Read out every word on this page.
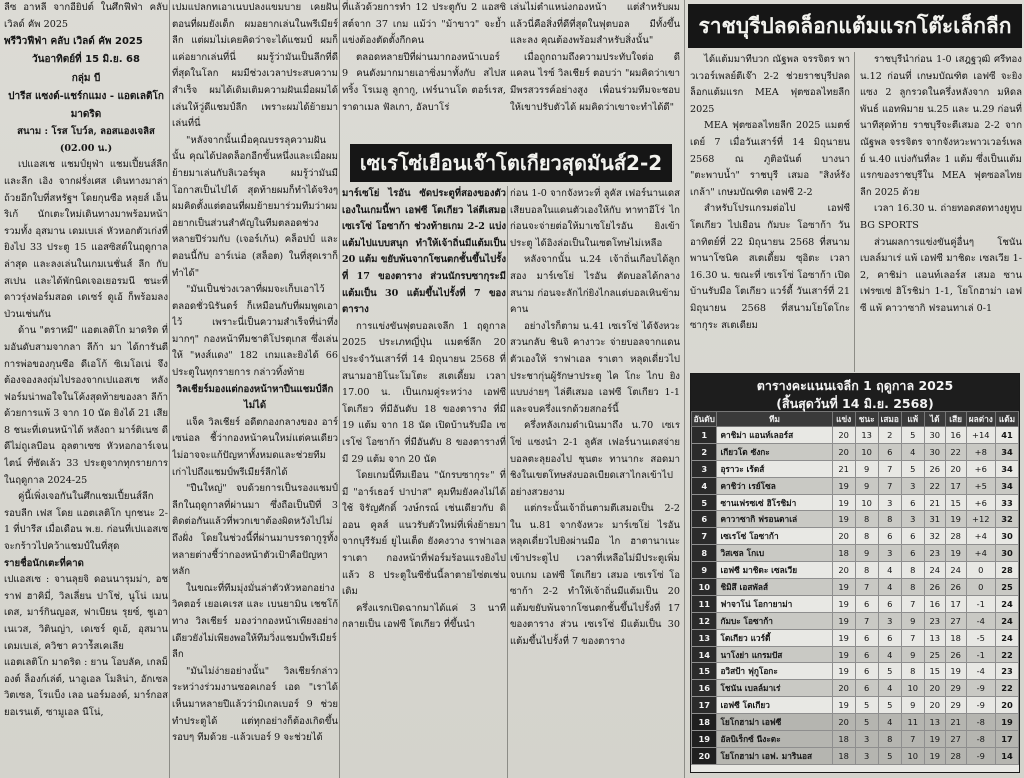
ลีซ อาหลี จากอียิปต์ ในศึกฟีฟ่า คลับเวิลด์ คัพ 2025

พรีวิวฟีฟ่า คลับ เวิลด์ คัพ 2025

วันอาทิตย์ที่ 15 มิ.ย. 68

กลุ่ม บี

ปารีส แซงต์-แชร์กแมง - แอตเลติโก มาดริด

สนาม : โรส โบว์ล, ลอสแองเจลิส (02.00 น.)

เปแอสเช แชมป์ยุฟ่า แชมเปี้ยนส์ลีก และลีก เอิง จากฝรั่งเศส เดินทางมาล่าถ้วยอีกใบที่สหรัฐฯ โดยกุนซือ หลุยส์ เอ็นริเก้ นักเตะใหม่เดินทางมาพร้อมหน้า รวมทั้ง อุสมาน เดมเบเล่ หัวหอกตัวเก่งที่ยิงไป 33 ประตู 15 แอสซิสต์ในฤดูกาลล่าสุด และลงเล่นในเกมเนชั่นส์ ลีก กับสเปน และได้พักนิดเจอเยอรมนี ชนะที่ดาวรุ่งฟอร์มสอด เดเซร์ ดูเอ้ ก็พร้อมลงป่วนเช่นกัน

ด้าน "ตราหมี" แอตเลติโก มาดริด ที่มอันดับสามจากลา ลีก้า มา ได้การันตีการพ่อของกุนซือ ดีเอโก้ ซิเมโอเน่ จึงต้องจองลงถุ่มไปรองจากเปแอสเช หลังฟอร์มน่าพอใจในโค้งสุดท้ายของลา ลีก้า ด้วยการแพ้ 3 จาก 10 นัด ยิงได้ 21 เสีย 8 ชนะที่เดนหน้าได้ หลังถา มาร์ติเนซ ดีดีไม่ถูเลบีอน อุลตาเซซ หัวหอกอาร์เจนไตน์ ที่ซัดเล้ว 33 ประตูจากทุกรายการในฤดูกาล 2024-25

คู่นี้เพิ่งเจอกันในศึกแชมเปี้ยนส์ลีก รอบลีก เฟส โดย แอตเลติโก บุกชนะ 2-1 ที่ปารีส เมื่อเดือน พ.ย. ก่อนที่เปแอสเซจะกร้าวไปคว้าแชมป์ในที่สุด

รายชื่อนักเตะที่คาด

เปแอสเซ : จานลุยจิ ดอนนารุมม่า, อชราฟ ฮาคิมี่, วิลเลี่ยน ปาโช่, นูโน่ เมนเดส, มาร์กินญอส, ฟาเบียน รุยซ์, ชูเอา เนเวส, วิตินญ่า, เดเซร์ ดูเอ้, อุสมาน เดมเบเล่, ควิชา ควาร์ัสเคเลีย

แอตเลติโก มาดริด : ยาน โอบลัค, เกลม็องต์ ล็องก์เล่ต์, นาอูเอล โมลิน่า, อักเซล วิตเซล, โรแบ็ง เลอ นอร์มองด์, มาร์กอส ยอเรนเต้, ซามูเอล นีโน่,

เปมแปลกทเอาเนบปลงแขมบาย เคยฝันตอนที่ผมยังเด็ก ผมอยากเล่นในพรีเมียร์ลีก แต่ผมไม่เคยคิดว่าจะได้แชมป์ ผมก็แค่อยากเล่นที่นี่ ผมรู้ว่ามันเป็นลีกที่ดีที่สุดในโลก ผมมีช่วงเวลาประสบความสำเร็จ ผมได้เดิมเติมความฝันเมื่อผมได้เล่นให้วู่ดีแชมป์ลีก เพราะผมได้ย้ายมาเล่นที่นี่

"หลังจากนั้นเมื่อคุณบรรลุความฝันนั้น คุณได้ปลดล็อกอีกขั้นหนึ่งและเมื่อผมย้ายมาเล่นกับลิเวอร์พูล ผมรู้ว่ามันมีโอกาสเป็นไปได้ สุดท้ายผมก็ทำได้จริงๆ ผมคิดตั้งแต่ตอนที่ผมย้ายมาร่วมทีมว่าผมอยากเป็นส่วนสำคัญในทีมตลอดช่วงหลายปีร่วมกับ (เจอร์เก้น) คล็อปป์ และตอนนี้กับ อาร์เน่อ (สล็อต) ในที่สุดเราก็ทำได้"

"มันเป็นช่วงเวลาที่ผมจะเก็บเอาไว้ตลอดชั่วนิรันดร์ ก็เหมือนกับที่ผมพูดเอาไว้ เพราะนี่เป็นความสำเร็จที่น่าทึ่ง มากๆ" กองหน้าทีมชาติโปรตุเกส ซึ่งเล่นให้ "หงส์แดง" 182 เกมและยิงได้ 66 ประตูในทุกรายการ กล่าวทิ้งท้าย

วิลเชียร์มองแต่กองหน้าหาปืนแชมป์ลีกไม่ได้

แจ็ค วิลเชียร์ อดีตกองกลางของ อาร์เซน่อล ชี้ว่ากองหน้าคนใหม่แต่คนเดียวไม่อาจจะแก้ปัญหาทั้งหมดและช่วยทีมเก่าไปถึงแชมป์พรีเมียร์ลีกได้

"ปืนใหญ่" จบด้วยการเป็นรองแชมป์ลีกในฤดูกาลที่ผ่านมา ซึ่งถือเป็นปีที่ 3 ติดต่อกันแล้วที่พวกเขาต้องผิดหวังไปไม่ถึงฝั่ง โดยในช่วงนี้ที่ผ่านมาบรรดากูรูทั้งหลายต่างชี้ว่ากองหน้าตัวเป้าคือปัญหาหลัก

ในขณะที่ทีมมุ่งมั่นล่าตัวหัวหอกอย่าง วิคตอร์ เยอเคเรส และ เบนยามิน เชชโก้ ทาง วิลเชียร์ มองว่ากองหน้าเพียงอย่างเดียวยังไม่เพียงพอให้ทีมวิ่งแชมป์พรีเมียร์ลีก

"มันไม่ง่ายอย่างนั้น" วิลเชียร์กล่าวระหว่างร่วมงานซอคเกอร์ เอด "เราได้เห็นมาหลายปีแล้วว่ามิเกลเบอร์ 9 ช่วยทำประตูได้ แต่ทุกอย่างก็ต้องเกิดขึ้นรอบๆ ทีมด้วย -แล้วเบอร์ 9 จะช่วยได้

ที่แล้วด้วยการทำ 12 ประตูกับ 2 แอสซิสต์จาก 37 เกม แม้ว่า "ม้าขาว" จะย้ำแข่งต้องตัดตั้งกีกคน

ตลอดหลายปีที่ผ่านมากองหน้าเบอร์ 9 คนดังมากมายเอาซิ่งมาทั้งกับ สไปสทริ้ง โรเมลู ลูกากู, เฟร์นานโด ตอร์เรส, ราดาเมล ฟัลเกา, อัลบาโร่

เล่นไม่ตำแหน่งกองหน้า แต่สำหรับผมแล้วนี่คือสิ่งที่ดีที่สุดในฟุตบอล มีทั้งขึ้นและลง คุณต้องพร้อมสำหรับสิ่งนั้น"

เมื่อถูกถามถึงความประทับใจต่อ ดีแคลน ไรซ์ วิลเชียร์ ตอบว่า "ผมคิดว่าเขามีพรสวรรค์อย่างสูง เพื่อนร่วมทีมจะชอบให้เขาปรับตัวได้ ผมคิดว่าเขาจะทำได้ดี"

เซเรโซ่เยือนเจ๊าโตเกียวสุดมันส์2-2

มาร์เซโย่ ไรอัน ซัดประตูที่สองของตัวเองในเกมนี้พา เอฟซี โตเกียว ไล่ตีเสมอ เซเรโซ่ โอซาก้า ช่วงท้ายเกม 2-2 แบ่งแต้มไปแบบสนุก ทำให้เจ้าถิ่นมีแต้มเป็น 20 แต้ม ขยับพ้นจากโซนตกชั้นขึ้นไปรั้งที่ 17 ของตาราง ส่วนนักรบซากุระมีแต้มเป็น 30 แต้มขึ้นไปรั้งที่ 7 ของตาราง

การแข่งขันฟุตบอลเจลีก 1 ฤดูกาล 2025 ประเภทญี่ปุ่น แมตช์ลีก 20 ประจำวันเสาร์ที่ 14 มิถุนายน 2568 ที่สนามอายิโนะโมโตะ สเตเดี้ยม เวลา 17.00 น. เป็นเกมคู่ระหว่าง เอฟซี โตเกียว ที่มีอันดับ 18 ของตาราง ที่มี 19 แต้ม จาก 18 นัด เปิดบ้านรับมือ เซเรโซ่ โอซาก้า ที่มีอันดับ 8 ของตารางที่มี 29 แต้ม จาก 20 นัด

โดยเกมนี้ทีมเยือน "นักรบซากุระ" ที่มี "อาร์เธอร์ ปาปาส" คุมทีมยังคงไม่ได้ใช้ จิรัญศักดิ์ วงษ์กรณ์ เช่นเดียวกับ ดิออน คูลส์ แนวรับตัวใหม่ที่เพิ่งย้ายมาจากบุรีรัมย์ ยูไนเต็ด ยังคงวาง ราฟาเอล ราเตา กองหน้าที่ฟอร์มร้อนแรงยิงไปแล้ว 8 ประตูในซีซั่นนี้ลาตายไซ่ตเช่นเดิม

ครึ่งแรกเปิดฉากมาได้แค่ 3 นาที กลายเป็น เอฟซี โตเกียว ที่ขึ้นนำ

ก่อน 1-0 จากจังหวะที่ ลูคัส เฟอร์นานเดสเสียบอลในแดนตัวเองให้กับ ทาทาอีโร่ ไกก่อนจะจ่ายต่อให้มาเซโยไรอัน ยิงเข้าประตู ได้อิงล่อเป็นในเซตโทษไม่เหลือ

หลังจากนั้น น.24 เจ้าถิ่นเกือบได้ลูกสอง มาร์เซโย่ ไรอัน ตัดบอลได้กลางสนาม ก่อนจะลักไก่ยิงไกลแต่บอลเหินข้ามคาน

อย่างไรก็ตาม น.41 เซเรโซ่ ได้จังหวะสวนกลับ ชินจิ คางาวะ จ่ายบอลจากแดนตัวเองให้ ราฟาเอล ราเตา หลุดเดี่ยวไปประชากุ่นผู้รักษาประตู ไค โกะ ไกบ ยิงแบบง่ายๆ ไล่ตีเสมอ เอฟซี โตเกียว 1-1 และจบครึ่งแรกด้วยสกอร์นี้

ครึ่งหลังเกมดำเนินมาถึง น.70 เซเรโซ่ แซงนำ 2-1 ลูคัส เฟอร์นานเดสจ่ายบอลตะลุยองไป ชุนตะ ทานากะ สอดมาชิงในเขตโทษส่งบอลเบียดเสาไกลเข้าไปอย่างสวยงาม

แต่กระนั้นเจ้าถิ่นตามตีเสมอเป็น 2-2 ใน น.81 จากจังหวะ มาร์เซโย่ ไรอัน หลุดเดี่ยวไปยิงผ่านมือ ไก ฮาตานาเนะ เข้าประตูไป เวลาที่เหลือไม่มีประตูเพิ่ม จบเกม เอฟซี โตเกียว เสมอ เซเรโซ่ โอซาก้า 2-2 ทำให้เจ้าถิ่นมีแต้มเป็น 20 แต้มขยับพ้นจากโซนตกชั้นขึ้นไปรั้งที่ 17 ของตาราง ส่วน เซเรโซ่ มีแต้มเป็น 30 แต้มขึ้นไปรั้งที่ 7 ของตาราง

ราชบุรีปลดล็อกแต้มแรกโต๊ะเล็กลีก

ได้แต้มมาทีบวก ณัฐพล จรรจิตร พาวเวอร์เพลย์ตีเจ๊า 2-2 ช่วยราชบุรีปลดล็อกแต้มแรก MEA ฟุตซอลไทยลีก 2025

MEA ฟุตซอลไทยลีก 2025 แมตช์เดย์ 7 เมื่อวันเสาร์ที่ 14 มิถุนายน 2568 ณ ภูติอนันต์ บางนา "ตะพาบน้ำ" ราชบุรี เสมอ "สิงห์รังเกล้า" เกษมบัณฑิต เอฟซี 2-2

สำหรับโปรแกรมต่อไป เอฟซี โตเกียว ไปเยือน กัมบะ โอซาก้า วันอาทิตย์ที่ 22 มิถุนายน 2568 ที่สนามพานาโซนิค สเตเดี้ยม ซุอิตะ เวลา 16.30 น. ขณะที่ เซเรโซ่ โอซาก้า เปิดบ้านรับมือ โตเกียว แวร์ดี้ วันเสาร์ที่ 21 มิถุนายน 2568 ที่สนามโยโดโกะ ซากุระ สเตเดียม

ราชบุรีนำก่อน 1-0 เสฎฐวุฒิ ศรีทอง น.12 ก่อนที่ เกษมบัณฑิต เอฟซี จะยิงแซง 2 ลูกรวดในครึ่งหลังจาก มหิดลพันธ์ แอทพิมาย น.25 และ น.29 ก่อนที่นาทีสุดท้าย ราชบุรีจะตีเสมอ 2-2 จาก ณัฐพล จรรจิตร จากจังหวะพาวเวอร์เพลย์ น.40 แบ่งกันที่ละ 1 แต้ม ซึ่งเป็นแต้มแรกของราชบุรีใน MEA ฟุตซอลไทยลีก 2025 ด้วย

เวลา 16.30 น. ถ่ายทอดสดทางยูทูบ BG SPORTS

ส่วนผลการแข่งขันคู่อื่นๆ โชนัน เบลล์มาเร่ แพ้ เอฟซี มาชิดะ เซลเวีย 1-2, คาชิม่า แอนท์เลอร์ส เสมอ ซานเฟรซเซ่ ฮิโรชิม่า 1-1, โยโกฮาม่า เอฟซี แพ้ คาวาซากิ ฟรอนทาเล่ 0-1

ตารางคะแนนเจลีก 1 ฤดูกาล 2025
(สิ้นสุดวันที่ 14 มิ.ย. 2568)
อันดับ	ทีม	แข่ง	ชนะ	เสมอ	แพ้	ได้	เสีย	ผลต่าง	แต้ม
1	คาชิม่า แอนท์เลอร์ส	20	13	2	5	30	16	+14	41
2	เกียวโต ซังกะ	20	10	6	4	30	22	+8	34
3	อุราวะ เร้ดส์	21	9	7	5	26	20	+6	34
4	คาชิว่า เรย์โซล	19	9	7	3	22	17	+5	34
5	ซานเฟรซเซ่ ฮิโรชิม่า	19	10	3	6	21	15	+6	33
6	คาวาซากิ ฟรอนตาเล่	19	8	8	3	31	19	+12	32
7	เซเรโซ่ โอซาก้า	20	8	6	6	32	28	+4	30
8	วิสเซล โกเบ	18	9	3	6	23	19	+4	30
9	เอฟซี มาชิดะ เซลเวีย	20	8	4	8	24	24	0	28
10	ชิมิสึ เอสพัลส์	19	7	4	8	26	26	0	25
11	ฟาจาโน่ โอกายาม่า	19	6	6	7	16	17	-1	24
12	กัมบะ โอซาก้า	19	7	3	9	23	27	-4	24
13	โตเกียว แวร์ดี้	19	6	6	7	13	18	-5	24
14	นาโงย่า แกรมปัส	19	6	4	9	25	26	-1	22
15	อวิสป้า ฟุกูโอกะ	19	6	5	8	15	19	-4	23
16	โชนัน เบลล์มาเร่	20	6	4	10	20	29	-9	22
17	เอฟซี โตเกียว	19	5	5	9	20	29	-9	20
18	โยโกฮาม่า เอฟซี	20	5	4	11	13	21	-8	19
19	อัลบิเร็กซ์ นีงะตะ	18	3	8	7	19	27	-8	17
20	โยโกฮาม่า เอฟ. มารินอส	18	3	5	10	19	28	-9	14
